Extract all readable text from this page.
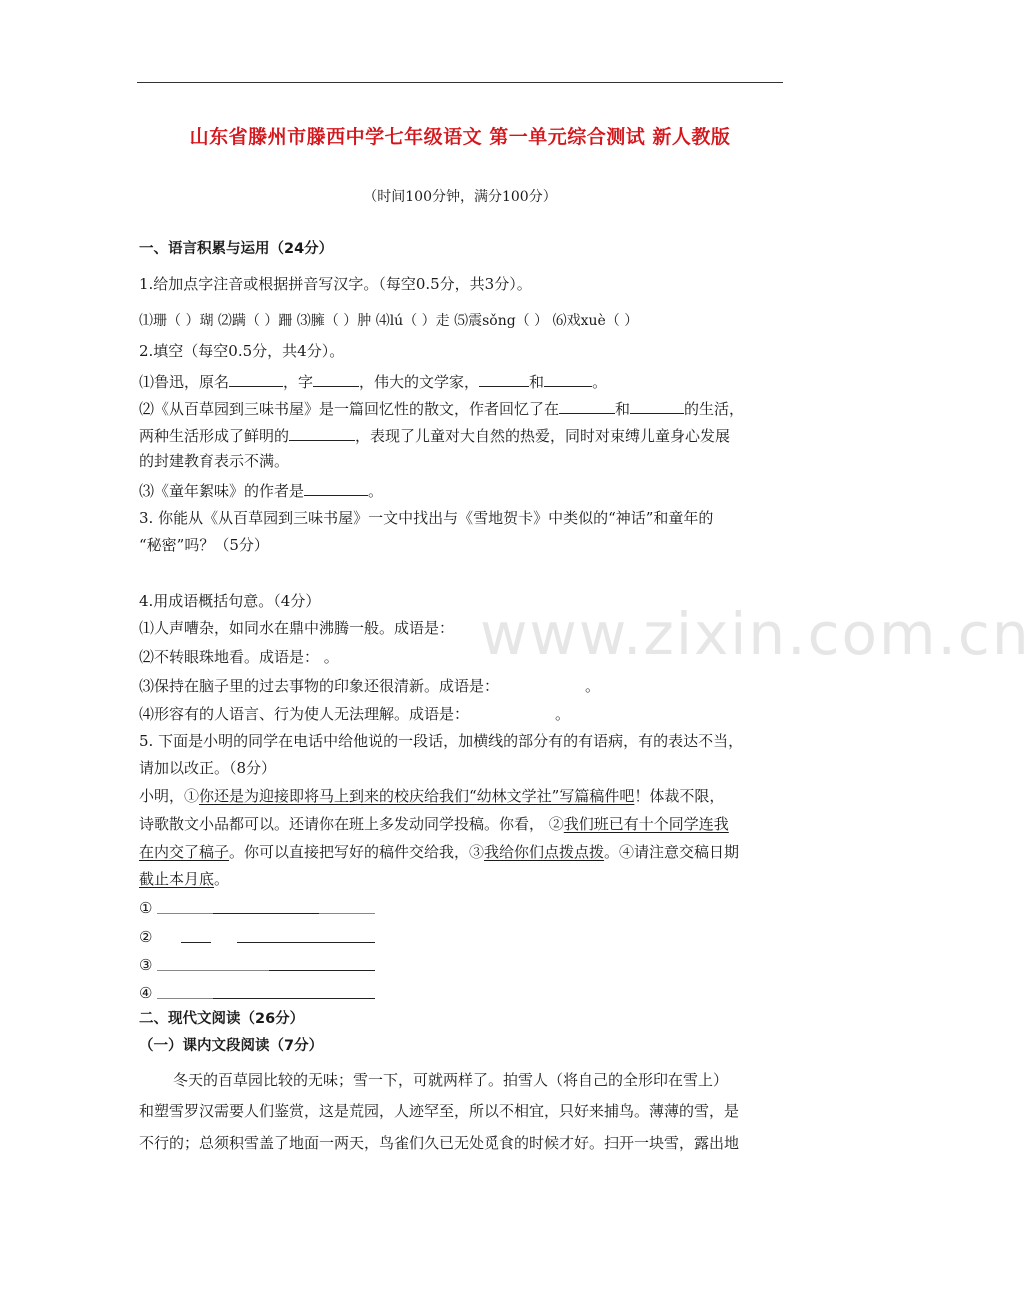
www.zixin.com.cn
山东省滕州市滕西中学七年级语文 第一单元综合测试 新人教版
（时间100分钟，满分100分）
一、语言积累与运用（24分）
1.给加点字注音或根据拼音写汉字。（每空0.5分，共3分）。
⑴珊（ ）瑚 ⑵蹒（ ）跚 ⑶臃（ ）肿 ⑷lú（ ）走 ⑸震sǒng（ ） ⑹戏xuè（ ）
2.填空（每空0.5分，共4分）。
⑴鲁迅，原名	，字	，伟大的文学家，	和	。
⑵《从百草园到三味书屋》是一篇回忆性的散文，作者回忆了在	和	的生活，
两种生活形成了鲜明的	，表现了儿童对大自然的热爱，同时对束缚儿童身心发展
的封建教育表示不满。
⑶《童年絮味》的作者是	。
3. 你能从《从百草园到三味书屋》一文中找出与《雪地贺卡》中类似的“神话”和童年的
“秘密”吗？（5分）
4.用成语概括句意。（4分）
⑴人声嘈杂，如同水在鼎中沸腾一般。成语是：
⑵不转眼珠地看。成语是： 。
⑶保持在脑子里的过去事物的印象还很清新。成语是：	。
⑷形容有的人语言、行为使人无法理解。成语是：	。
5. 下面是小明的同学在电话中给他说的一段话，加横线的部分有的有语病，有的表达不当，
请加以改正。（8分）
小明，①你还是为迎接即将马上到来的校庆给我们“幼林文学社”写篇稿件吧！体裁不限，
诗歌散文小品都可以。还请你在班上多发动同学投稿。你看， ②我们班已有十个同学连我
在内交了稿子。你可以直接把写好的稿件交给我，③我给你们点拨点拨。④请注意交稿日期
截止本月底。
①
②
③
④
二、现代文阅读（26分）
（一）课内文段阅读（7分）
冬天的百草园比较的无味；雪一下，可就两样了。拍雪人（将自己的全形印在雪上）
和塑雪罗汉需要人们鉴赏，这是荒园，人迹罕至，所以不相宜，只好来捕鸟。薄薄的雪，是
不行的；总须积雪盖了地面一两天，鸟雀们久已无处觅食的时候才好。扫开一块雪，露出地
